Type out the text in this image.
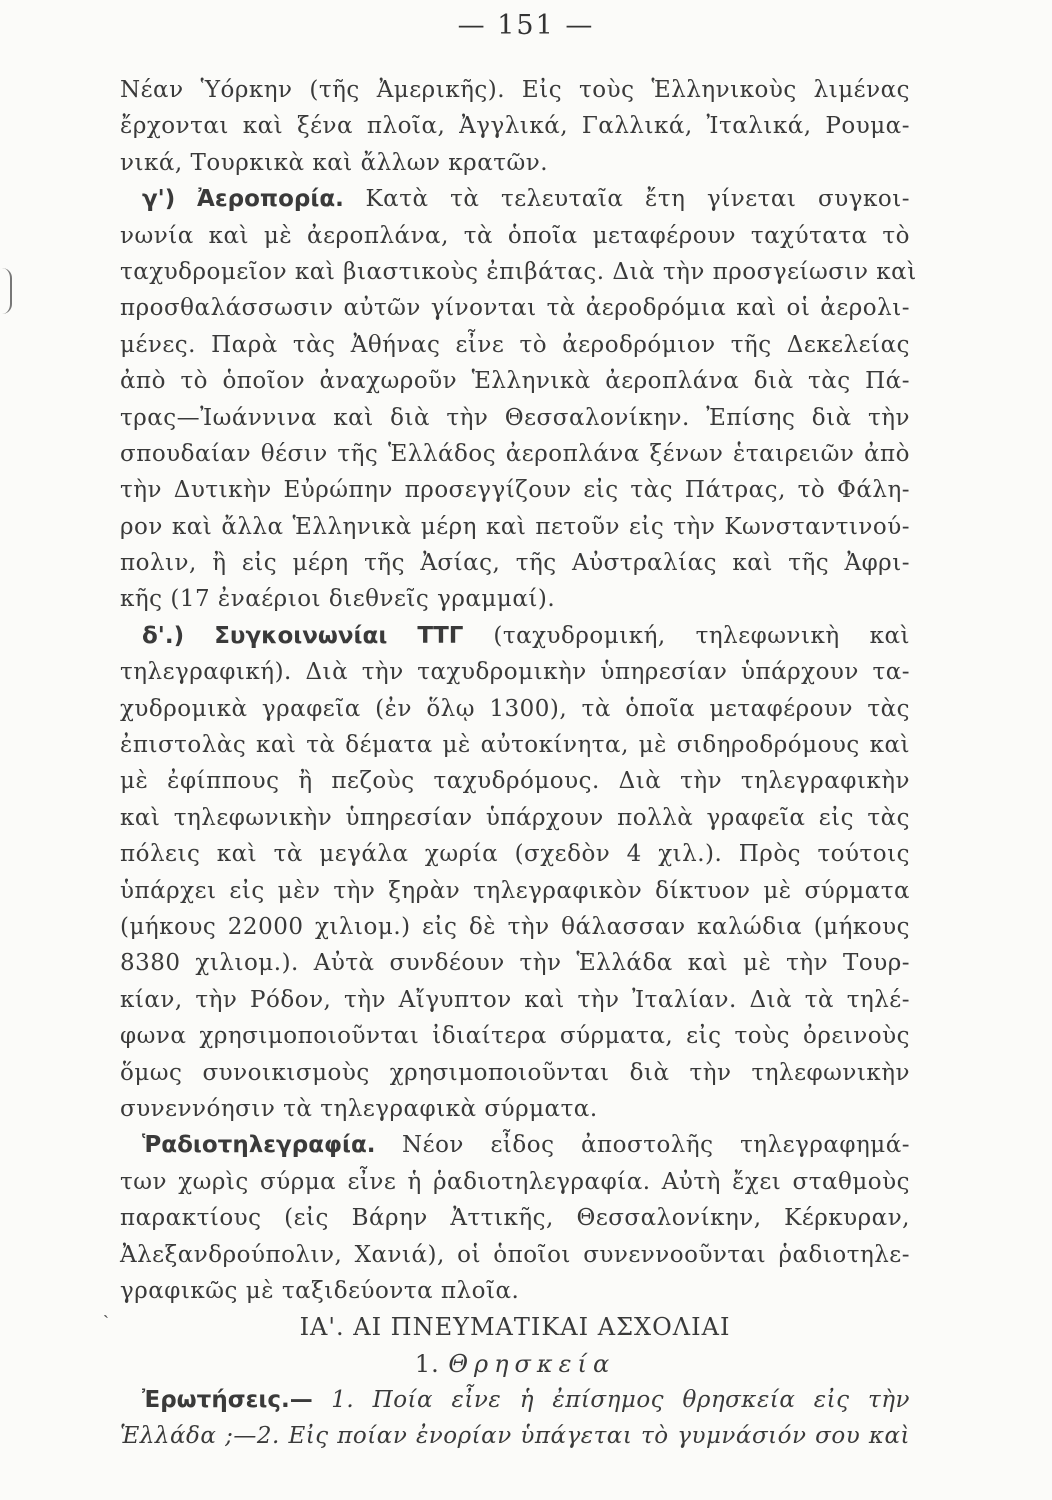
— 151 —
ˏ
Νέαν Ὑόρκην (τῆς Ἀμερικῆς). Εἰς τοὺς Ἑλληνικοὺς λιμένας
ἔρχονται καὶ ξένα πλοῖα, Ἀγγλικά, Γαλλικά, Ἰταλικά, Ρουμα-
νικά, Τουρκικὰ καὶ ἄλλων κρατῶν.
γ') Ἀεροπορία. Κατὰ τὰ τελευταῖα ἔτη γίνεται συγκοι-
νωνία καὶ μὲ ἀεροπλάνα, τὰ ὁποῖα μεταφέρουν ταχύτατα τὸ
ταχυδρομεῖον καὶ βιαστικοὺς ἐπιβάτας. Διὰ τὴν προσγείωσιν καὶ
προσθαλάσσωσιν αὐτῶν γίνονται τὰ ἀεροδρόμια καὶ οἱ ἀερολι-
μένες. Παρὰ τὰς Ἀθήνας εἶνε τὸ ἀεροδρόμιον τῆς Δεκελείας
ἀπὸ τὸ ὁποῖον ἀναχωροῦν Ἑλληνικὰ ἀεροπλάνα διὰ τὰς Πά-
τρας—Ἰωάννινα καὶ διὰ τὴν Θεσσαλονίκην. Ἐπίσης διὰ τὴν
σπουδαίαν θέσιν τῆς Ἑλλάδος ἀεροπλάνα ξένων ἑταιρειῶν ἀπὸ
τὴν Δυτικὴν Εὐρώπην προσεγγίζουν εἰς τὰς Πάτρας, τὸ Φάλη-
ρον καὶ ἄλλα Ἑλληνικὰ μέρη καὶ πετοῦν εἰς τὴν Κωνσταντινού-
πολιν, ἢ εἰς μέρη τῆς Ἀσίας, τῆς Αὐστραλίας καὶ τῆς Ἀφρι-
κῆς (17 ἐναέριοι διεθνεῖς γραμμαί).
δ'.) Συγκοινωνίαι ΤΤΓ (ταχυδρομική, τηλεφωνικὴ καὶ
τηλεγραφική). Διὰ τὴν ταχυδρομικὴν ὑπηρεσίαν ὑπάρχουν τα-
χυδρομικὰ γραφεῖα (ἐν ὅλῳ 1300), τὰ ὁποῖα μεταφέρουν τὰς
ἐπιστολὰς καὶ τὰ δέματα μὲ αὐτοκίνητα, μὲ σιδηροδρόμους καὶ
μὲ ἐφίππους ἢ πεζοὺς ταχυδρόμους. Διὰ τὴν τηλεγραφικὴν
καὶ τηλεφωνικὴν ὑπηρεσίαν ὑπάρχουν πολλὰ γραφεῖα εἰς τὰς
πόλεις καὶ τὰ μεγάλα χωρία (σχεδὸν 4 χιλ.). Πρὸς τούτοις
ὑπάρχει εἰς μὲν τὴν ξηρὰν τηλεγραφικὸν δίκτυον μὲ σύρματα
(μήκους 22000 χιλιομ.) εἰς δὲ τὴν θάλασσαν καλώδια (μήκους
8380 χιλιομ.). Αὐτὰ συνδέουν τὴν Ἑλλάδα καὶ μὲ τὴν Τουρ-
κίαν, τὴν Ρόδον, τὴν Αἴγυπτον καὶ τὴν Ἰταλίαν. Διὰ τὰ τηλέ-
φωνα χρησιμοποιοῦνται ἰδιαίτερα σύρματα, εἰς τοὺς ὀρεινοὺς
ὅμως συνοικισμοὺς χρησιμοποιοῦνται διὰ τὴν τηλεφωνικὴν
συνεννόησιν τὰ τηλεγραφικὰ σύρματα.
Ῥαδιοτηλεγραφία. Νέον εἶδος ἀποστολῆς τηλεγραφημά-
των χωρὶς σύρμα εἶνε ἡ ῥαδιοτηλεγραφία. Αὐτὴ ἔχει σταθμοὺς
παρακτίους (εἰς Βάρην Ἀττικῆς, Θεσσαλονίκην, Κέρκυραν,
Ἀλεξανδρούπολιν, Χανιά), οἱ ὁποῖοι συνεννοοῦνται ῥαδιοτηλε-
γραφικῶς μὲ ταξιδεύοντα πλοῖα.
ΙΑ'. ΑΙ ΠΝΕΥΜΑΤΙΚΑΙ ΑΣΧΟΛΙΑΙ
1. Θρησκεία
Ἐρωτήσεις.— 1. Ποία εἶνε ἡ ἐπίσημος θρησκεία εἰς τὴν
Ἑλλάδα ;—2. Εἰς ποίαν ἐνορίαν ὑπάγεται τὸ γυμνάσιόν σου καὶ
